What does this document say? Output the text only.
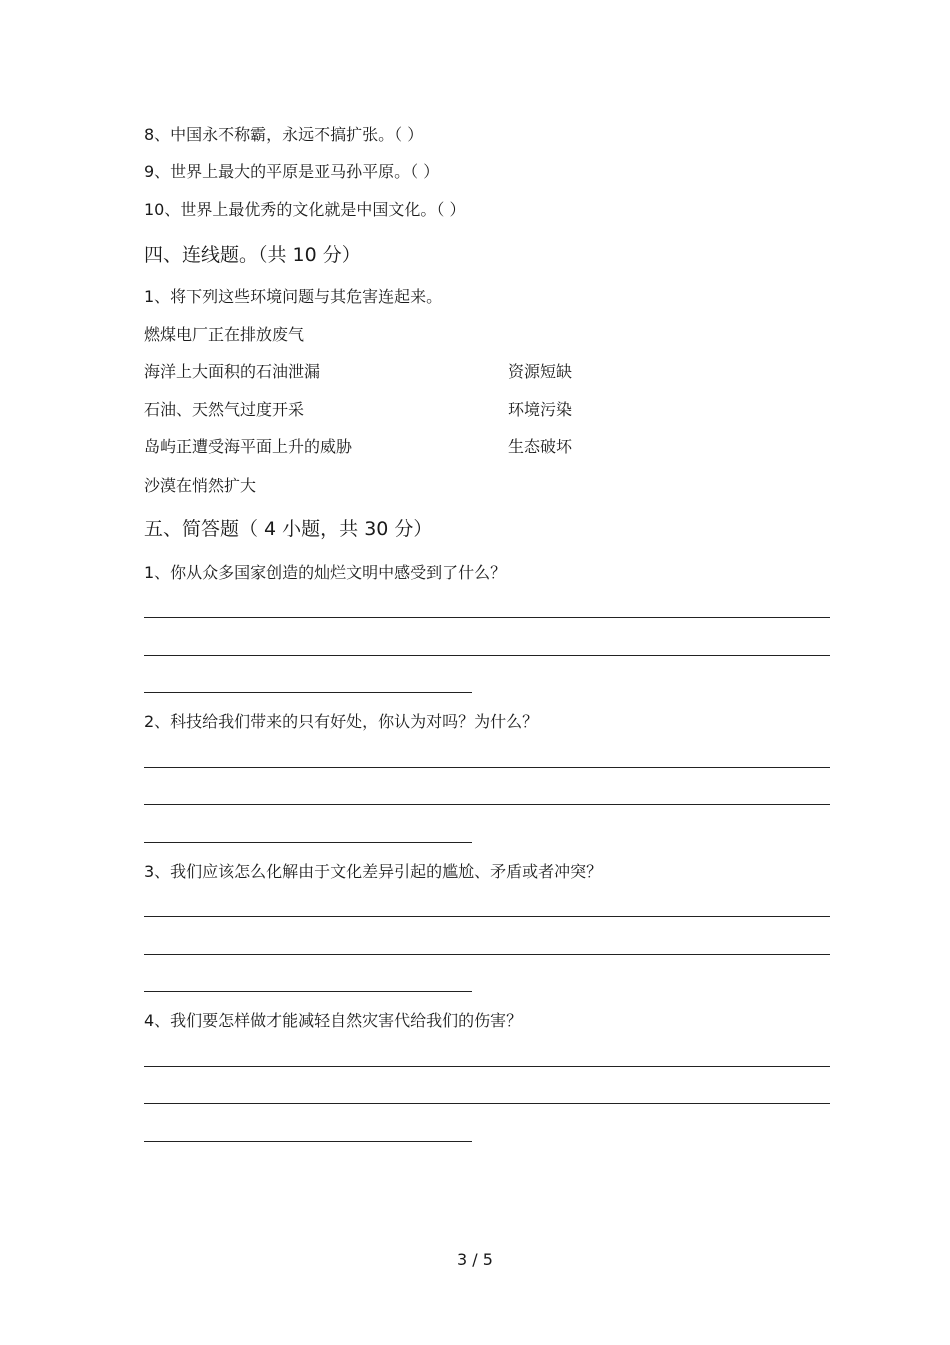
8、中国永不称霸，永远不搞扩张。（ ）
9、世界上最大的平原是亚马孙平原。（ ）
10、世界上最优秀的文化就是中国文化。（ ）
四、连线题。（共 10 分）
1、将下列这些环境问题与其危害连起来。
燃煤电厂正在排放废气
海洋上大面积的石油泄漏
石油、天然气过度开采
岛屿正遭受海平面上升的威胁
沙漠在悄然扩大
资源短缺
环境污染
生态破坏
五、简答题（ 4 小题，共 30 分）
1、你从众多国家创造的灿烂文明中感受到了什么？
2、科技给我们带来的只有好处，你认为对吗？为什么？
3、我们应该怎么化解由于文化差异引起的尴尬、矛盾或者冲突？
4、我们要怎样做才能减轻自然灾害代给我们的伤害？
3 / 5
